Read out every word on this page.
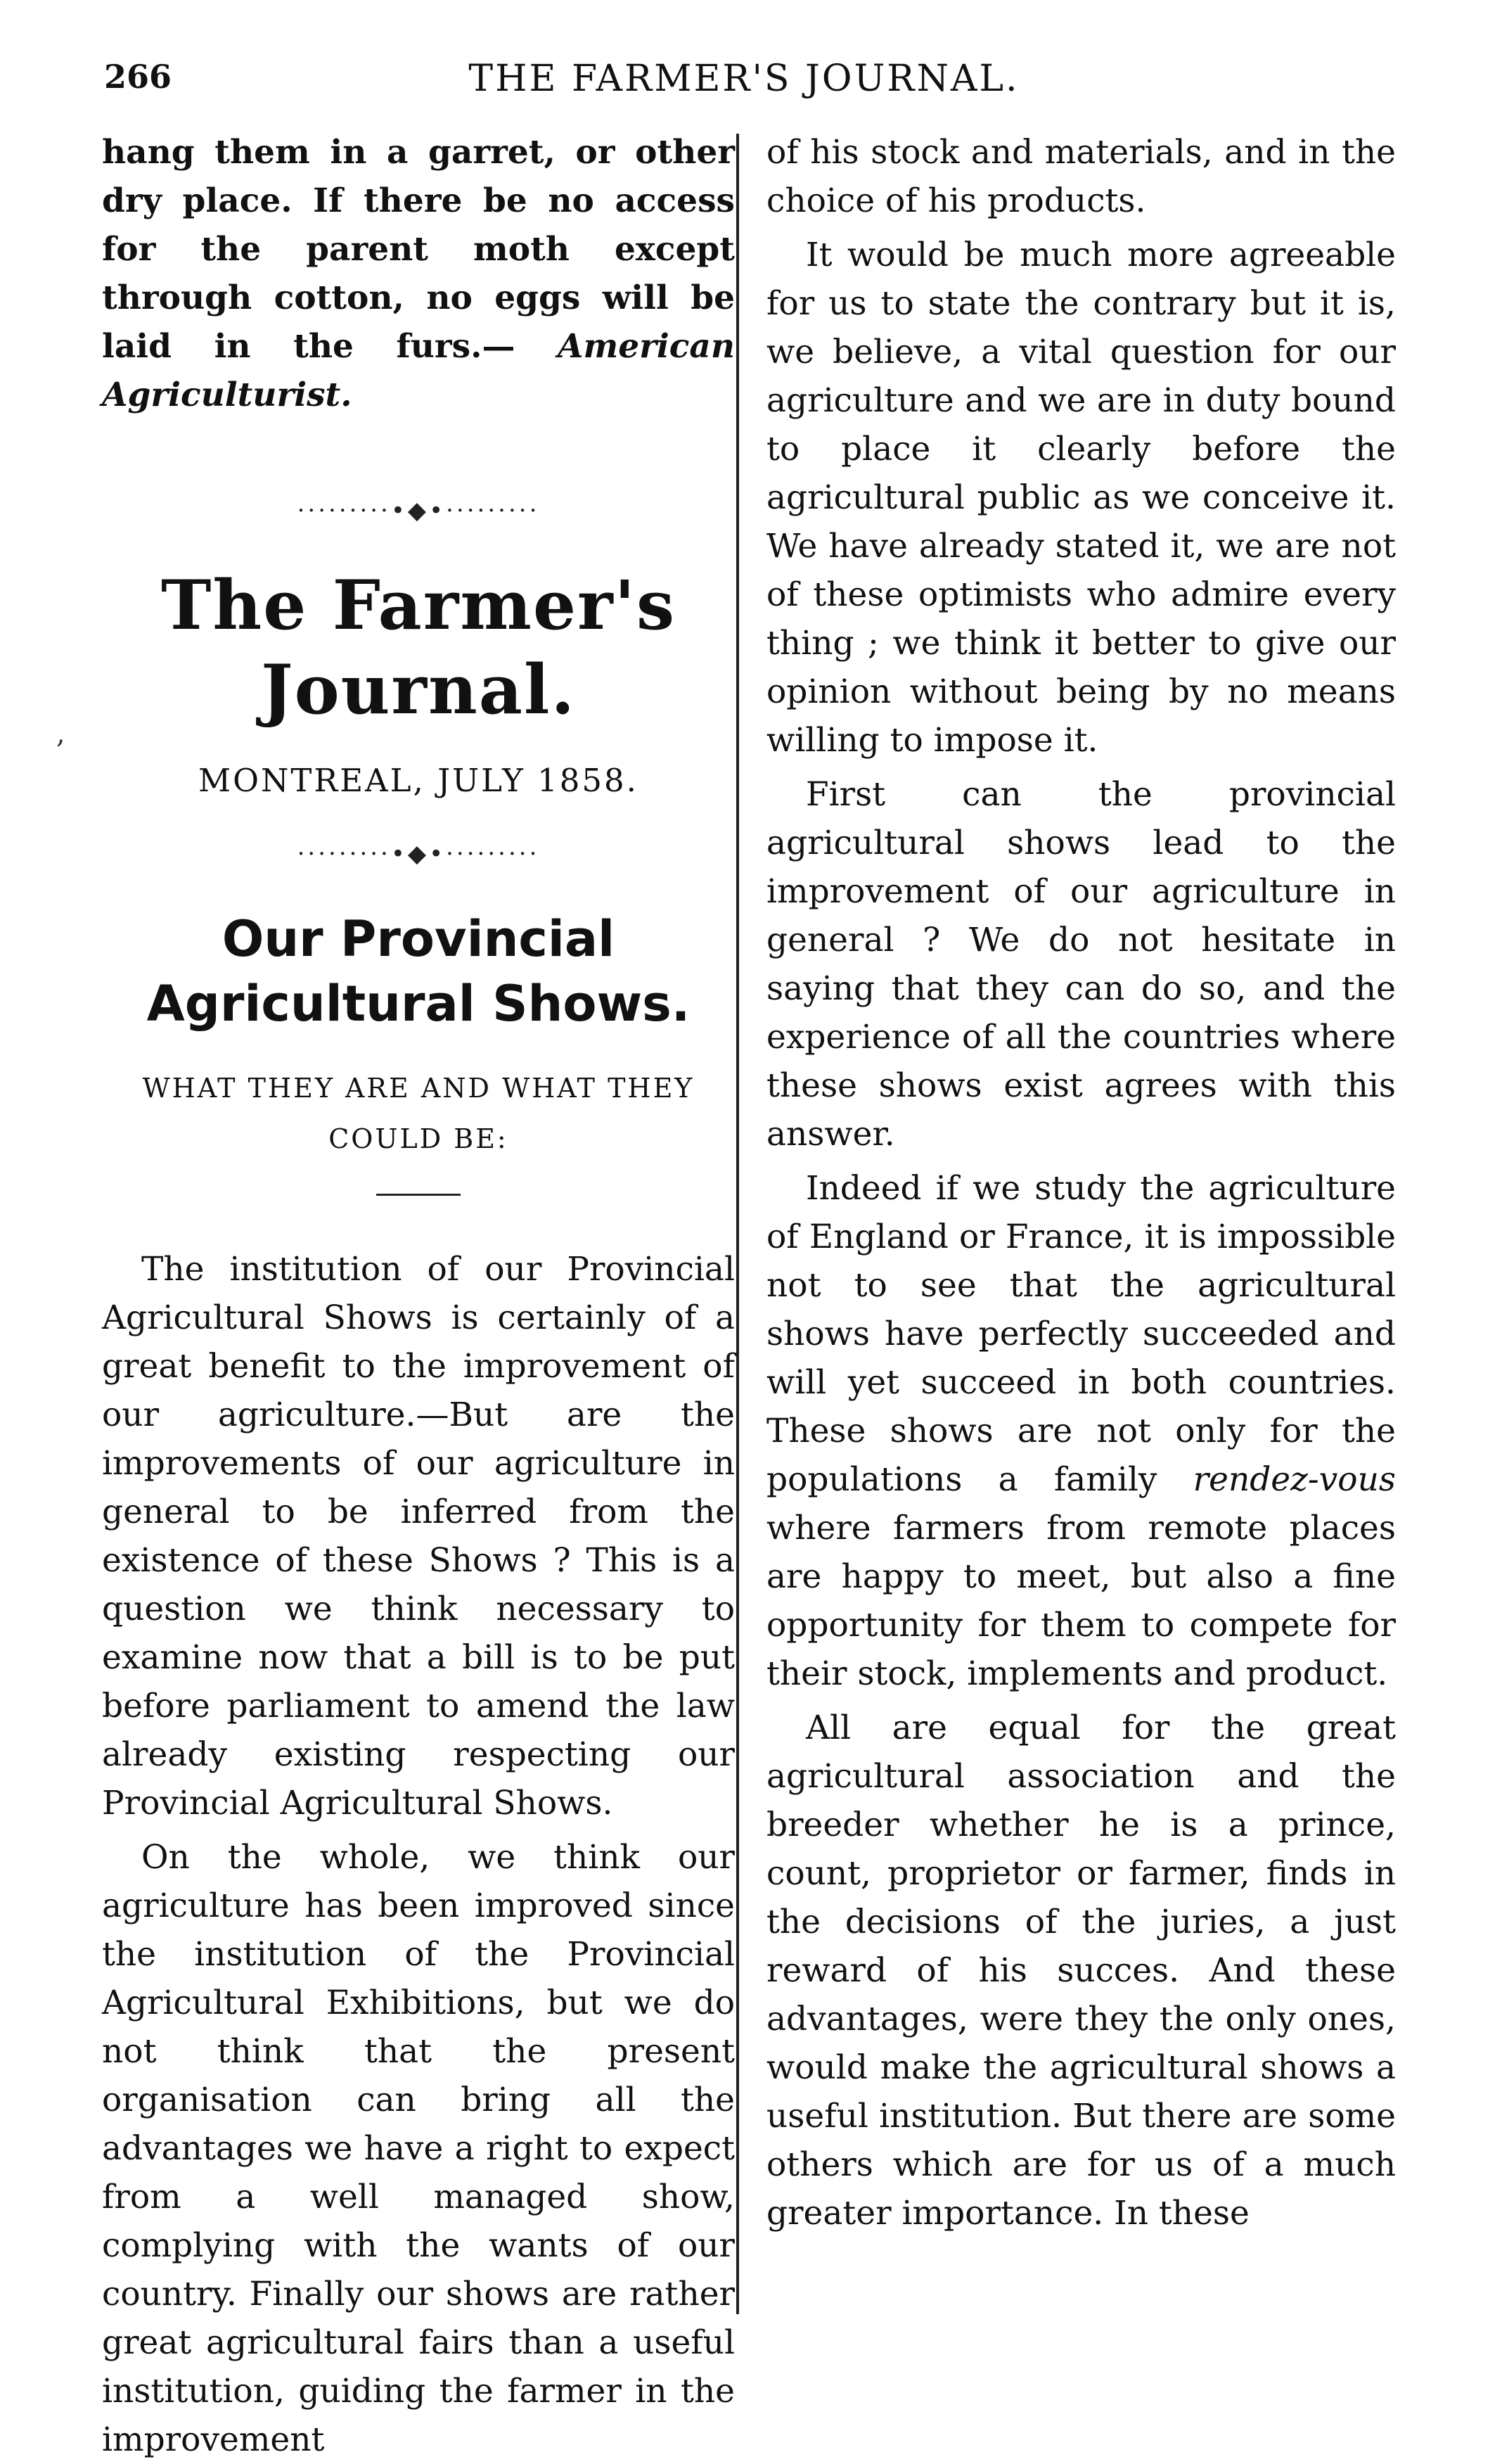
266	THE FARMER'S JOURNAL.

hang them in a garret, or other dry place. If there be no access for the parent moth except through cotton, no eggs will be laid in the furs.— American Agriculturist.

·········•◆•·········
The Farmer's Journal.
MONTREAL, JULY 1858.
·········•◆•·········
Our Provincial Agricultural Shows.
WHAT THEY ARE AND WHAT THEY COULD BE:

The institution of our Provincial Agricultural Shows is certainly of a great benefit to the improvement of our agriculture.—But are the improvements of our agriculture in general to be inferred from the existence of these Shows ? This is a question we think necessary to examine now that a bill is to be put before parliament to amend the law already existing respecting our Provincial Agricultural Shows.

On the whole, we think our agriculture has been improved since the institution of the Provincial Agricultural Exhibitions, but we do not think that the present organisation can bring all the advantages we have a right to expect from a well managed show, complying with the wants of our country. Finally our shows are rather great agricultural fairs than a useful institution, guiding the farmer in the improvement

of his stock and materials, and in the choice of his products.

It would be much more agreeable for us to state the contrary but it is, we believe, a vital question for our agriculture and we are in duty bound to place it clearly before the agricultural public as we conceive it. We have already stated it, we are not of these optimists who admire every thing ; we think it better to give our opinion without being by no means willing to impose it.

First can the provincial agricultural shows lead to the improvement of our agriculture in general ? We do not hesitate in saying that they can do so, and the experience of all the countries where these shows exist agrees with this answer.

Indeed if we study the agriculture of England or France, it is impossible not to see that the agricultural shows have perfectly succeeded and will yet succeed in both countries. These shows are not only for the populations a family rendez-vous where farmers from remote places are happy to meet, but also a fine opportunity for them to compete for their stock, implements and product.

All are equal for the great agricultural association and the breeder whether he is a prince, count, proprietor or farmer, finds in the decisions of the juries, a just reward of his succes. And these advantages, were they the only ones, would make the agricultural shows a useful institution. But there are some others which are for us of a much greater importance. In these

,
